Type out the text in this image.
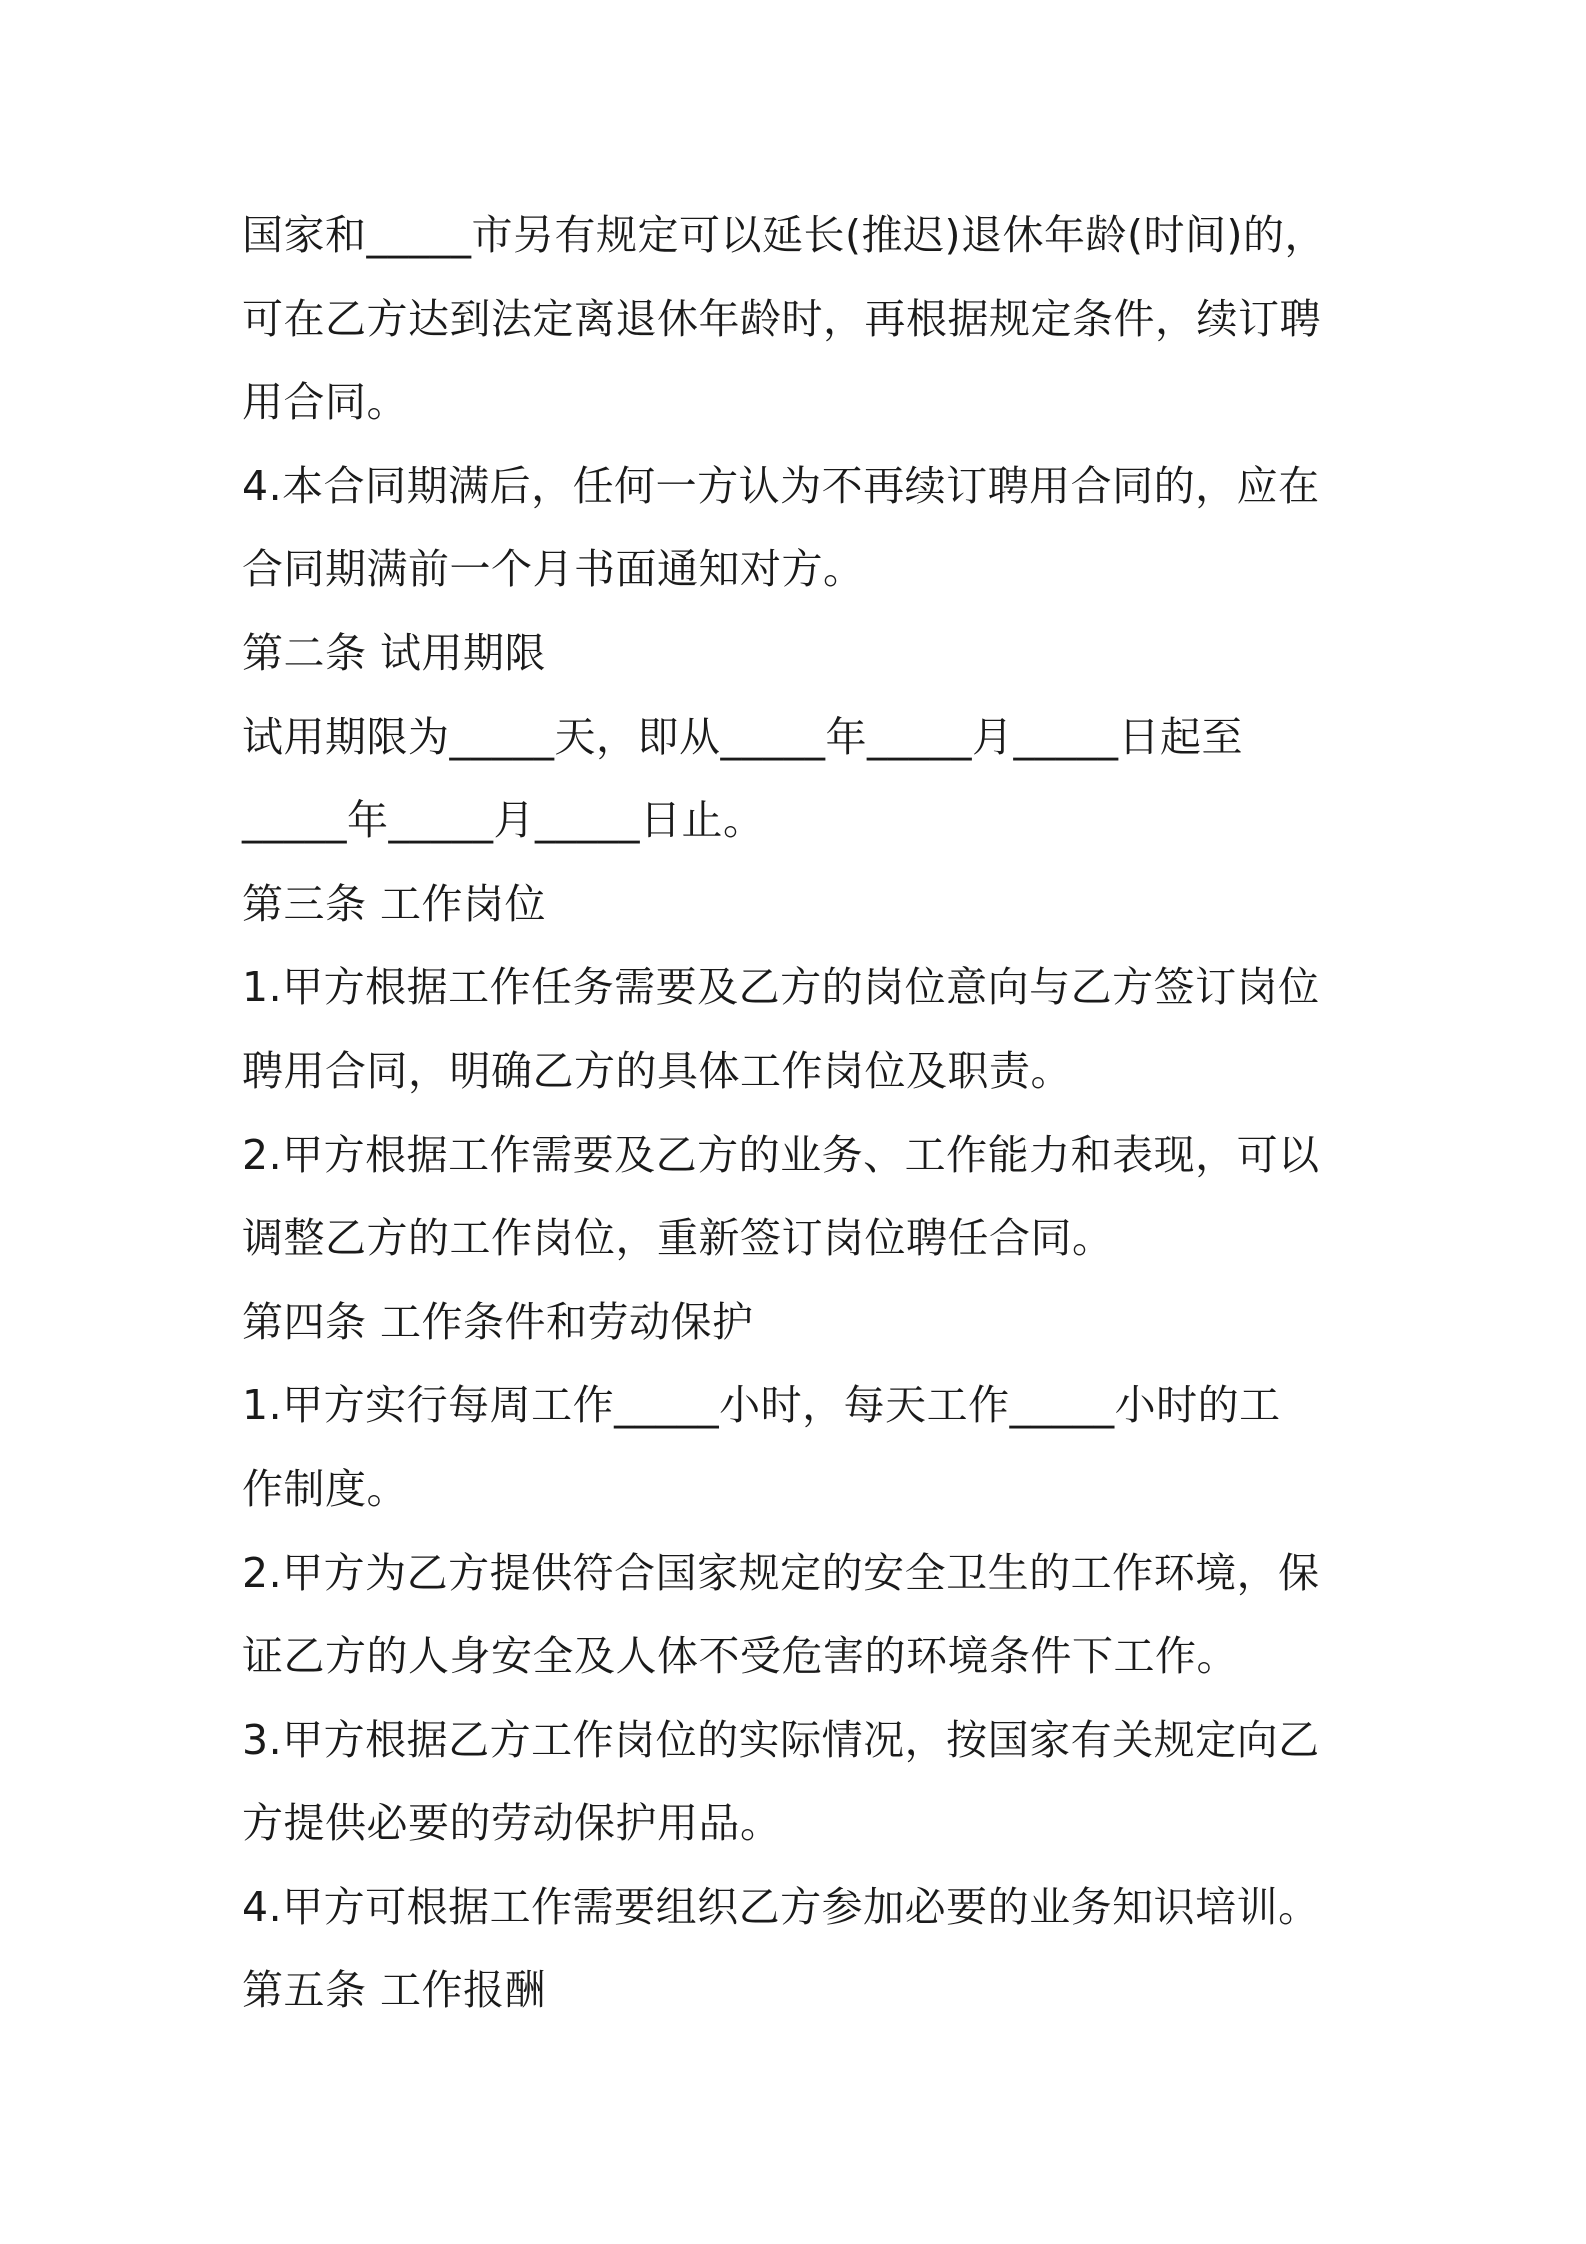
国家和_____市另有规定可以延长(推迟)退休年龄(时间)的，
可在乙方达到法定离退休年龄时，再根据规定条件，续订聘
用合同。
4.本合同期满后，任何一方认为不再续订聘用合同的，应在
合同期满前一个月书面通知对方。
第二条 试用期限
试用期限为_____天，即从_____年_____月_____日起至
_____年_____月_____日止。
第三条 工作岗位
1.甲方根据工作任务需要及乙方的岗位意向与乙方签订岗位
聘用合同，明确乙方的具体工作岗位及职责。
2.甲方根据工作需要及乙方的业务、工作能力和表现，可以
调整乙方的工作岗位，重新签订岗位聘任合同。
第四条 工作条件和劳动保护
1.甲方实行每周工作_____小时，每天工作_____小时的工
作制度。
2.甲方为乙方提供符合国家规定的安全卫生的工作环境，保
证乙方的人身安全及人体不受危害的环境条件下工作。
3.甲方根据乙方工作岗位的实际情况，按国家有关规定向乙
方提供必要的劳动保护用品。
4.甲方可根据工作需要组织乙方参加必要的业务知识培训。
第五条 工作报酬
